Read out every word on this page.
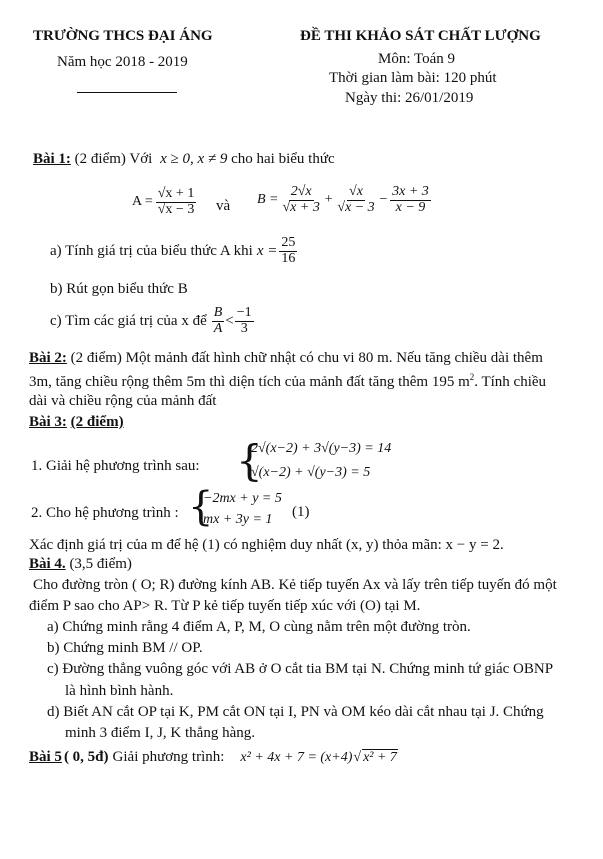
TRƯỜNG THCS ĐẠI ÁNG
Năm học 2018 - 2019
ĐỀ THI KHẢO SÁT CHẤT LƯỢNG
Môn: Toán 9
Thời gian làm bài: 120 phút
Ngày thi: 26/01/2019
Bài 1: (2 điểm) Với x ≥ 0, x ≠ 9 cho hai biểu thức
$A = \frac{√x + 1}{√x - 3}$ và $B = \frac{2√x}{√x + 3} + \frac{√x}{√x - 3} - \frac{3x + 3}{x - 9}$
a) Tính giá trị của biểu thức A khi $x = \frac{25}{16}$
b) Rút gọn biểu thức B
c) Tìm các giá trị của x để $\frac{B}{A} < \frac{-1}{3}$
Bài 2: (2 điểm) Một mảnh đất hình chữ nhật có chu vi 80 m. Nếu tăng chiều dài thêm
3m, tăng chiều rộng thêm 5m thì diện tích của mảnh đất tăng thêm 195 $m^2$. Tính chiều
dài và chiều rộng của mảnh đất
Bài 3: (2 điểm)
1. Giải hệ phương trình sau: {
2√(x−2) + 3√(y−3) = 14
√(x−2) + √(y−3) = 5
2. Cho hệ phương trình : {
−2mx + y = 5
mx + 3y = 1 (1)
Xác định giá trị của m để hệ (1) có nghiệm duy nhất (x, y) thỏa mãn: x − y = 2.
Bài 4. (3,5 điểm)
Cho đường tròn ( O; R) đường kính AB. Kẻ tiếp tuyến Ax và lấy trên tiếp tuyến đó một
điểm P sao cho AP> R. Từ P kẻ tiếp tuyến tiếp xúc với (O) tại M.
a) Chứng minh rằng 4 điểm A, P, M, O cùng nằm trên một đường tròn.
b) Chứng minh BM // OP.
c) Đường thẳng vuông góc với AB ở O cắt tia BM tại N. Chứng minh tứ giác OBNP
là hình bình hành.
d) Biết AN cắt OP tại K, PM cắt ON tại I, PN và OM kéo dài cắt nhau tại J. Chứng
minh 3 điểm I, J, K thẳng hàng.
Bài 5 ( 0, 5đ) Giải phương trình: x² + 4x + 7 = (x+4) √ x² + 7
